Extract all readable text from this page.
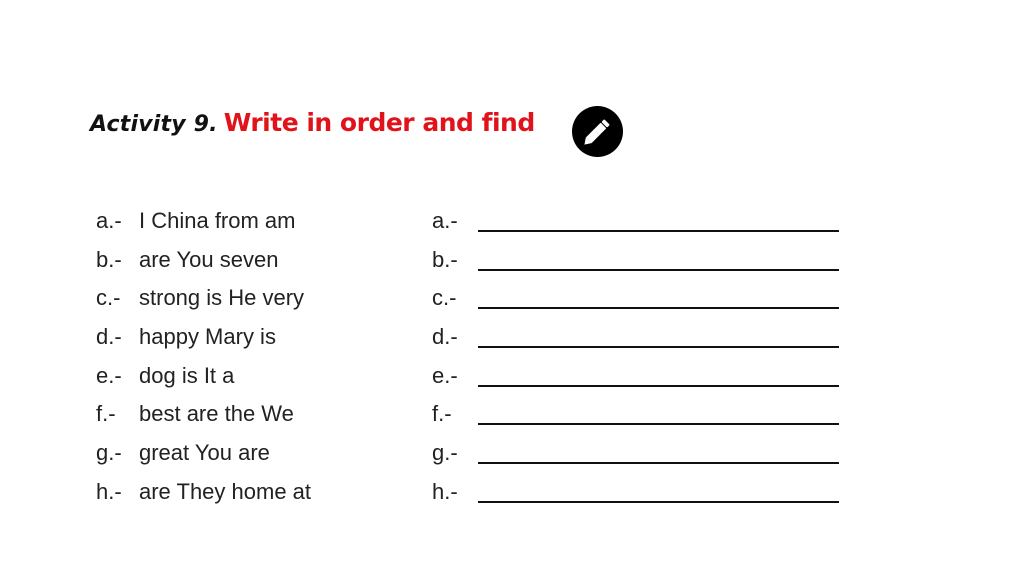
Activity 9. Write in order and find
a.- I China from am	a.-
b.- are You seven	b.-
c.- strong is He very	c.-
d.- happy Mary is	d.-
e.- dog is It a	e.-
f.- best are the We	f.-
g.- great You are	g.-
h.- are They home at	h.-
